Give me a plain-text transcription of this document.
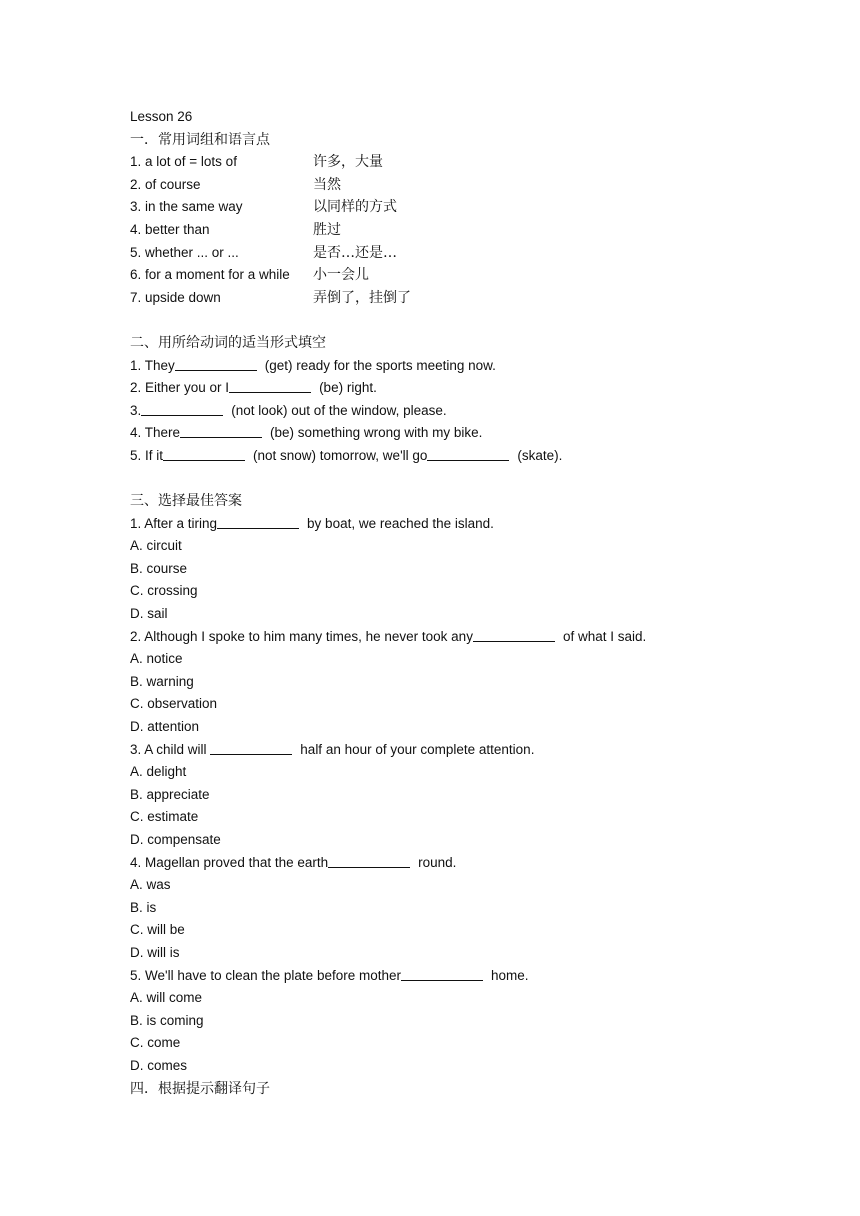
Lesson 26
一．常用词组和语言点
1. a lot of = lots of	许多，大量
2. of course	当然
3. in the same way	以同样的方式
4. better than	胜过
5. whether ... or ...	是否…还是…
6. for a moment for a while	小一会儿
7. upside down	弄倒了，挂倒了
二、用所给动词的适当形式填空
1. They	(get) ready for the sports meeting now.
2. Either you or I	(be) right.
3.	(not look) out of the window, please.
4. There	(be) something wrong with my bike.
5. If it	(not snow) tomorrow, we'll go	(skate).
三、选择最佳答案
1. After a tiring	by boat, we reached the island.
A. circuit
B. course
C. crossing
D. sail
2. Although I spoke to him many times, he never took any	of what I said.
A. notice
B. warning
C. observation
D. attention
3. A child will	half an hour of your complete attention.
A. delight
B. appreciate
C. estimate
D. compensate
4. Magellan proved that the earth	round.
A. was
B. is
C. will be
D. will is
5. We'll have to clean the plate before mother	home.
A. will come
B. is coming
C. come
D. comes
四．根据提示翻译句子
